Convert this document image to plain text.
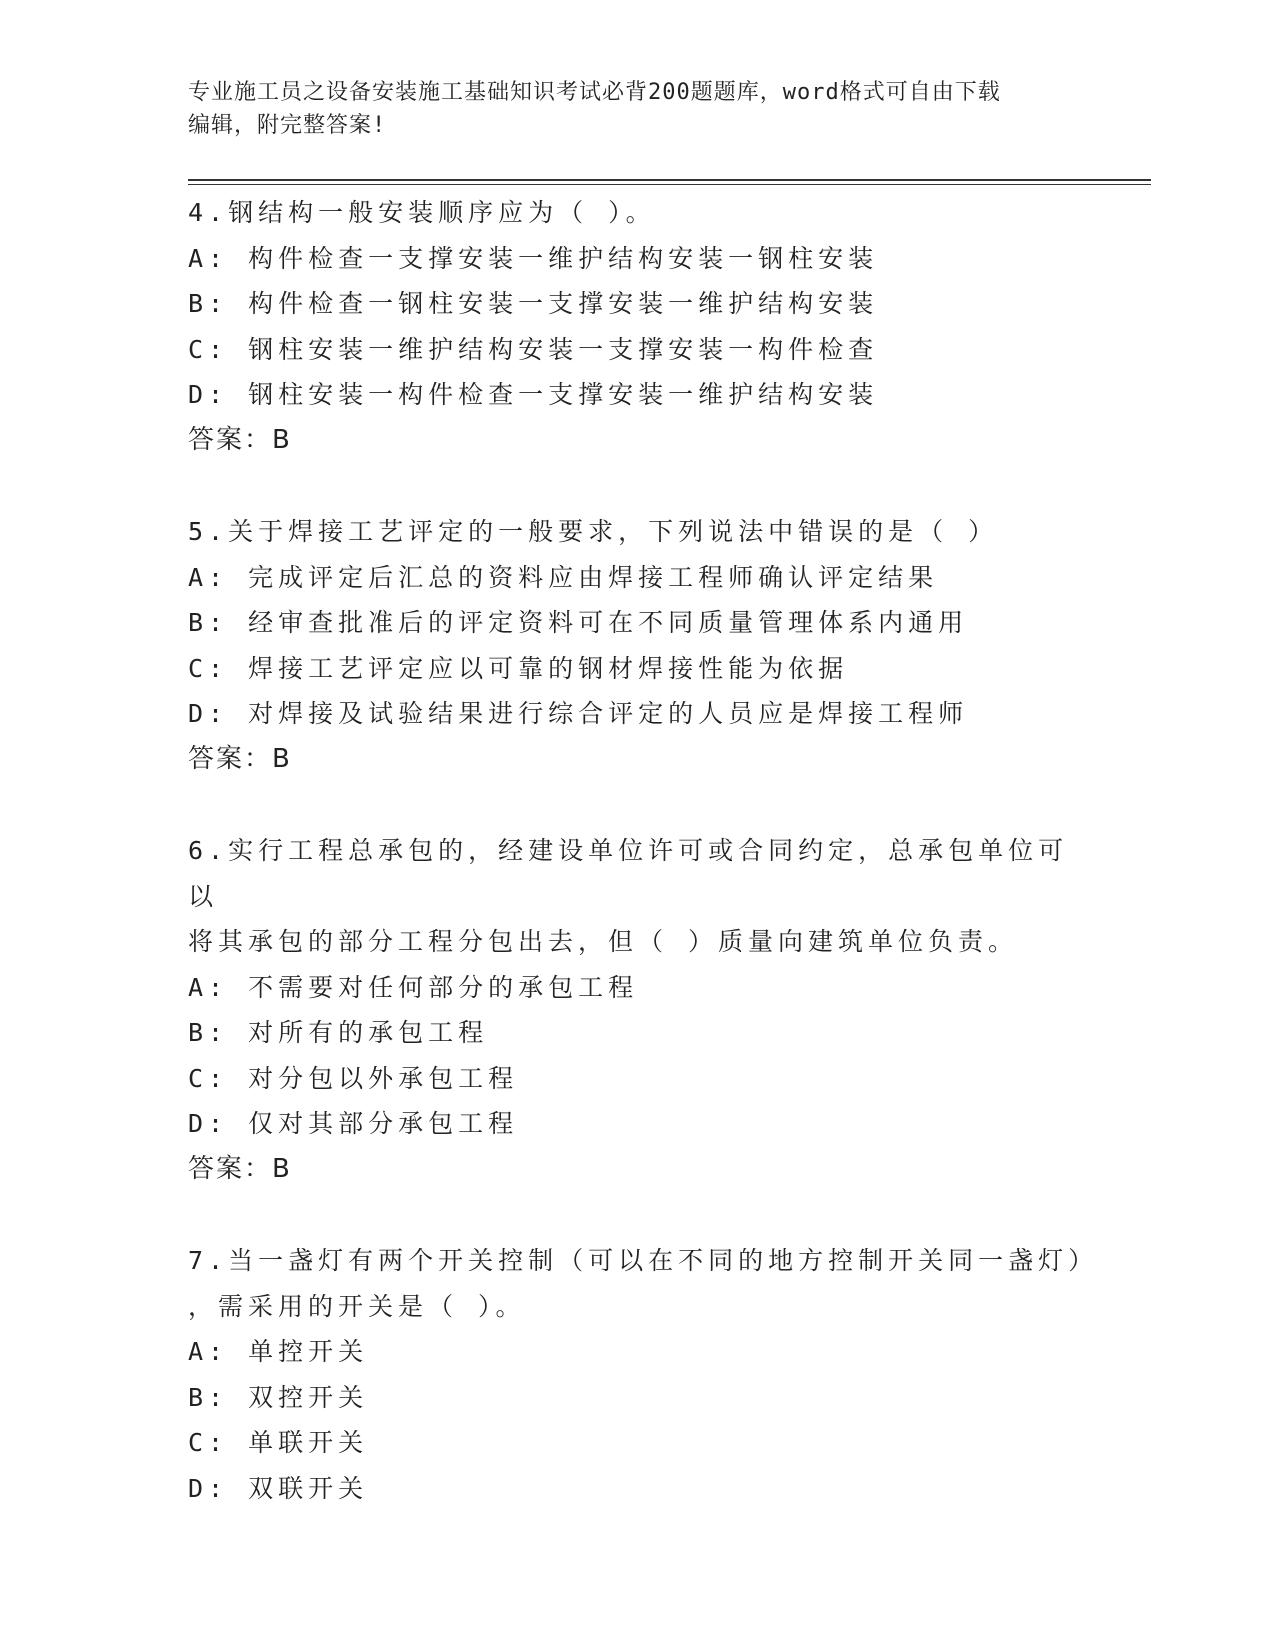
专业施工员之设备安装施工基础知识考试必背200题题库，word格式可自由下载
编辑，附完整答案!
4.钢结构一般安装顺序应为（ ）。
A: 构件检查一支撑安装一维护结构安装一钢柱安装
B: 构件检查一钢柱安装一支撑安装一维护结构安装
C: 钢柱安装一维护结构安装一支撑安装一构件检查
D: 钢柱安装一构件检查一支撑安装一维护结构安装
答案：B
5.关于焊接工艺评定的一般要求，下列说法中错误的是（ ）
A: 完成评定后汇总的资料应由焊接工程师确认评定结果
B: 经审查批准后的评定资料可在不同质量管理体系内通用
C: 焊接工艺评定应以可靠的钢材焊接性能为依据
D: 对焊接及试验结果进行综合评定的人员应是焊接工程师
答案：B
6.实行工程总承包的，经建设单位许可或合同约定，总承包单位可以
将其承包的部分工程分包出去，但（ ）质量向建筑单位负责。
A: 不需要对任何部分的承包工程
B: 对所有的承包工程
C: 对分包以外承包工程
D: 仅对其部分承包工程
答案：B
7.当一盏灯有两个开关控制（可以在不同的地方控制开关同一盏灯）
，需采用的开关是（ ）。
A: 单控开关
B: 双控开关
C: 单联开关
D: 双联开关
